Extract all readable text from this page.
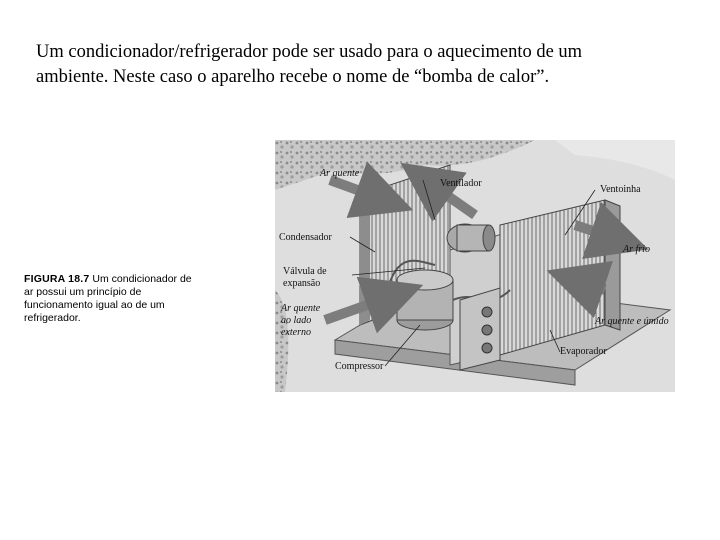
Um condicionador/refrigerador pode ser usado para o aquecimento de um
ambiente. Neste caso o aparelho recebe o nome de “bomba de calor”.

FIGURA 18.7 Um condicionador de ar possui um princípio de funcionamento igual ao de um refrigerador.
Ar quente
Ventilador
Ventoinha
Condensador
Válvula de
expansão
Ar frio
Ar quente
ao lado
externo
Ar quente e úmido
Evaporador
Compressor
